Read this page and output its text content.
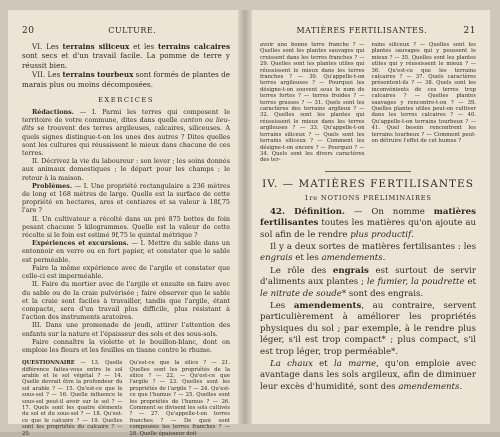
20	CULTURE.

VI. Les terrains siliceux et les terrains calcaires sont secs et d'un travail facile. La pomme de terre y réussit bien.

VII. Les terrains tourbeux sont formés de plantes de marais plus ou moins décomposées.

EXERCICES

Rédactions. — I. Parmi les terres qui composent le territoire de votre commune, dites dans quelle canton ou lieu-dits se trouvent des terres argileuses, calcaires, siliceuses. A quels signes distingue-t-on les unes des autres ? Dites quelles sont les cultures qui réussissent le mieux dans chacune de ces terres.

II. Décrivez la vie du laboureur : son lever ; les soins donnés aux animaux domestiques ; le départ pour les champs ; le retour à la maison.

Problèmes. — I. Une propriété rectangulaire a 236 mètres de long et 168 mètres de large. Quelle est la surface de cette propriété en hectares, ares et centiares et sa valeur à 18f,75 l'are ?

II. Un cultivateur a récolté dans un pré 875 bottes de foin pesant chacune 5 kilogrammes. Quelle est la valeur de cette récolte si le foin est estimé 9f,75 le quintal métrique ?

Expériences et excursions. — I. Mettre du sable dans un entonnoir en verre ou en fort papier, et constater que le sable est perméable.

Faire la même expérience avec de l'argile et constater que celle-ci est imperméable.

II. Faire du mortier avec de l'argile et ensuite en faire avec du sable ou de la craie pulvérisée ; faire observer que le sable et la craie sont faciles à travailler, tandis que l'argile, étant compacte, sera d'un travail plus difficile, plus résistant à l'action des instruments aratoires.

III. Dans une promenade de jeudi, attirer l'attention des enfants sur la nature et l'épaisseur des sols et des sous-sols.

Faire connaître la violette et le bouillon-blanc, dont on emploie les fleurs et les feuilles en tisane contre le rhume.

QUESTIONNAIRE — 13. Quelle différence faites-vous entre le sol arable et le sol végétal ? — 14. Quelle devrait être la profondeur du sol arable ? — 15. Qu'est-ce que le sous-sol ? — 16. Quelle influence le sous-sol peut-il avoir sur le sol ? — 17. Quels sont les quatre éléments du sol et du sous-sol ? — 18. Qu'est-ce que le calcaire ? — 19. Quelles sont les propriétés du calcaire ? — 20.
Qu'est-ce que la silice ? — 21. Quelles sont les propriétés de la silice ? — 22. — Qu'est-ce que l'argile ? — 23. Quelles sont les propriétés de l'argile ? — 24. Qu'est-ce que l'humus ? — 25. Quelles sont les propriétés de l'humus ? — 26. Comment se divisent les sols cultivés ? — 27. Qu'appelle-t-on terres franches ? — De quoi sont composées les terres franches ? — 28. Quelle épaisseur doit
MATIÈRES FERTILISANTES.	21
avoir une bonne terre franche ? — Quelles sont les plantes sauvages qui croissent dans les terres franches ? — 29. Quelles sont les plantes utiles qui réussissent le mieux dans les terres franches ? — 30. Qu'appelle-t-on terres argileuses ? — Pourquoi les désigne-t-on souvent sous le nom de terres fortes ? — terres froides ? — terres grasses ? — 31. Quels sont les caractères des terrains argileux ? — 32. Quelles sont les plantes qui réussissent le mieux dans les terres argileuses ? — 33. Qu'appelle-t-on terrains siliceux ? — Quels sont les terrains siliceux ? — Comment les désigne-t-on encore ? — Pourquoi ? — 34. Quels sont les divers caractères des ter-
rains siliceux ? — Quelles sont les plantes sauvages qui y poussent le mieux ? — 35. Quelles sont les plantes utiles qui y réussissent le mieux ? — 36. Qu'est-ce que les terrains calcaires ? — 37. Quels caractères présentent-ils ? — 38. Quels sont les inconvénients de ces terres trop calcaires ? — Quelles plantes sauvages y rencontre-t-on ? — 39. Quelles plantes utiles peut-on cultiver dans les terres calcaires ? — 40. Qu'appelle-t-on terrains tourbeux ? — 41. Quel besoin rencontrent les terrains tourbeux ? — Comment peut-on détruire l'effet de cet humus ?
IV. — MATIÈRES FERTILISANTES
1re NOTIONS PRÉLIMINAIRES

42. Définition. — On nomme matières fertilisantes toutes les matières qu'on ajoute au sol afin de le rendre plus productif.

Il y a deux sortes de matières fertilisantes : les engrais et les amendements.

Le rôle des engrais est surtout de servir d'aliments aux plantes ; le fumier, la poudrette et le nitrate de soude* sont des engrais.

Les amendements, au contraire, servent particulièrement à améliorer les propriétés physiques du sol ; par exemple, à le rendre plus léger, s'il est trop compact* ; plus compact, s'il est trop léger, trop perméable*.

La chaux et la marne, qu'on emploie avec avantage dans les sols argileux, afin de diminuer leur excès d'humidité, sont des amendements.
